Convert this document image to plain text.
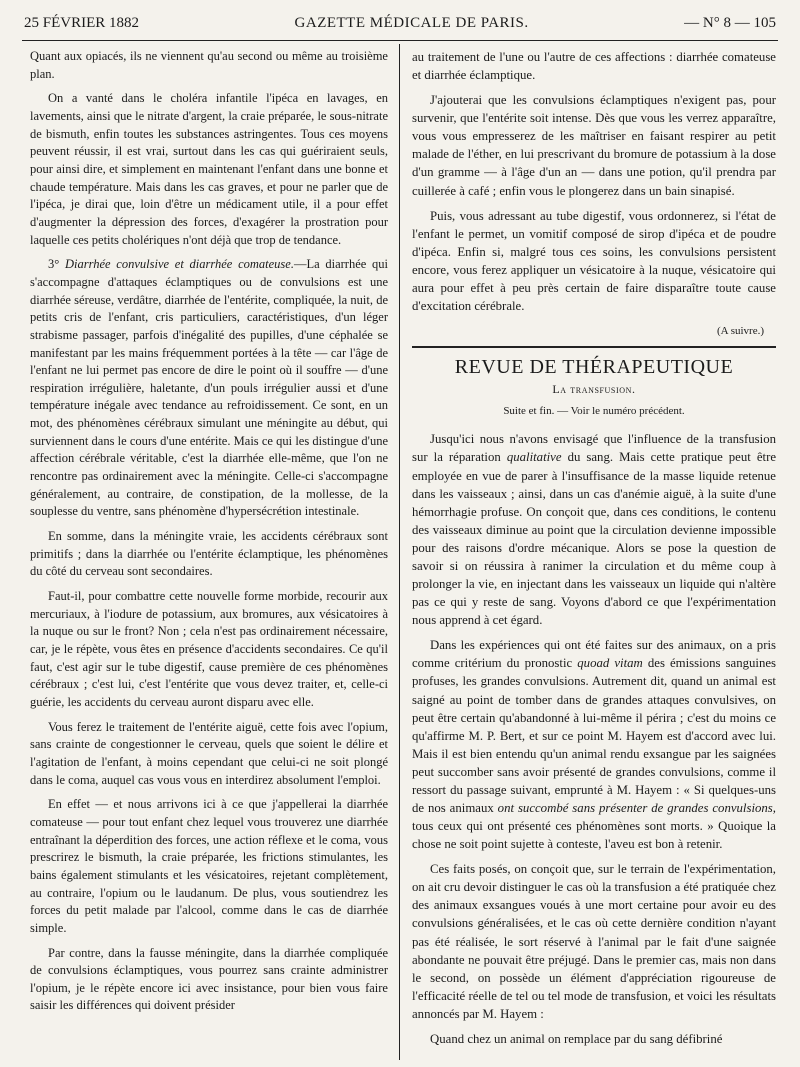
25 FÉVRIER 1882	GAZETTE MÉDICALE DE PARIS.	— N° 8 — 105

Quant aux opiacés, ils ne viennent qu'au second ou même au troisième plan.

On a vanté dans le choléra infantile l'ipéca en lavages, en lavements, ainsi que le nitrate d'argent, la craie préparée, le sous-nitrate de bismuth, enfin toutes les substances astringentes. Tous ces moyens peuvent réussir, il est vrai, surtout dans les cas qui guériraient seuls, pour ainsi dire, et simplement en maintenant l'enfant dans une bonne et chaude température. Mais dans les cas graves, et pour ne parler que de l'ipéca, je dirai que, loin d'être un médicament utile, il a pour effet d'augmenter la dépression des forces, d'exagérer la prostration pour laquelle ces petits cholériques n'ont déjà que trop de tendance.

3° Diarrhée convulsive et diarrhée comateuse.—La diarrhée qui s'accompagne d'attaques éclamptiques ou de convulsions est une diarrhée séreuse, verdâtre, diarrhée de l'entérite, compliquée, la nuit, de petits cris de l'enfant, cris particuliers, caractéristiques, d'un léger strabisme passager, parfois d'inégalité des pupilles, d'une céphalée se manifestant par les mains fréquemment portées à la tête — car l'âge de l'enfant ne lui permet pas encore de dire le point où il souffre — d'une respiration irrégulière, haletante, d'un pouls irrégulier aussi et d'une température inégale avec tendance au refroidissement. Ce sont, en un mot, des phénomènes cérébraux simulant une méningite au début, qui surviennent dans le cours d'une entérite. Mais ce qui les distingue d'une affection cérébrale véritable, c'est la diarrhée elle-même, que l'on ne rencontre pas ordinairement avec la méningite. Celle-ci s'accompagne généralement, au contraire, de constipation, de la mollesse, de la souplesse du ventre, sans phénomène d'hypersécrétion intestinale.

En somme, dans la méningite vraie, les accidents cérébraux sont primitifs ; dans la diarrhée ou l'entérite éclamptique, les phénomènes du côté du cerveau sont secondaires.

Faut-il, pour combattre cette nouvelle forme morbide, recourir aux mercuriaux, à l'iodure de potassium, aux bromures, aux vésicatoires à la nuque ou sur le front? Non ; cela n'est pas ordinairement nécessaire, car, je le répète, vous êtes en présence d'accidents secondaires. Ce qu'il faut, c'est agir sur le tube digestif, cause première de ces phénomènes cérébraux ; c'est lui, c'est l'entérite que vous devez traiter, et, celle-ci guérie, les accidents du cerveau auront disparu avec elle.

Vous ferez le traitement de l'entérite aiguë, cette fois avec l'opium, sans crainte de congestionner le cerveau, quels que soient le délire et l'agitation de l'enfant, à moins cependant que celui-ci ne soit plongé dans le coma, auquel cas vous vous en interdirez absolument l'emploi.

En effet — et nous arrivons ici à ce que j'appellerai la diarrhée comateuse — pour tout enfant chez lequel vous trouverez une diarrhée entraînant la déperdition des forces, une action réflexe et le coma, vous prescrirez le bismuth, la craie préparée, les frictions stimulantes, les bains également stimulants et les vésicatoires, rejetant complètement, au contraire, l'opium ou le laudanum. De plus, vous soutiendrez les forces du petit malade par l'alcool, comme dans le cas de diarrhée simple.

Par contre, dans la fausse méningite, dans la diarrhée compliquée de convulsions éclamptiques, vous pourrez sans crainte administrer l'opium, je le répète encore ici avec insistance, pour bien vous faire saisir les différences qui doivent présider

au traitement de l'une ou l'autre de ces affections : diarrhée comateuse et diarrhée éclamptique.

J'ajouterai que les convulsions éclamptiques n'exigent pas, pour survenir, que l'entérite soit intense. Dès que vous les verrez apparaître, vous vous empresserez de les maîtriser en faisant respirer au petit malade de l'éther, en lui prescrivant du bromure de potassium à la dose d'un gramme — à l'âge d'un an — dans une potion, qu'il prendra par cuillerée à café ; enfin vous le plongerez dans un bain sinapisé.

Puis, vous adressant au tube digestif, vous ordonnerez, si l'état de l'enfant le permet, un vomitif composé de sirop d'ipéca et de poudre d'ipéca. Enfin si, malgré tous ces soins, les convulsions persistent encore, vous ferez appliquer un vésicatoire à la nuque, vésicatoire qui aura pour effet à peu près certain de faire disparaître toute cause d'excitation cérébrale.

(A suivre.)
REVUE DE THÉRAPEUTIQUE
La transfusion.
Suite et fin. — Voir le numéro précédent.

Jusqu'ici nous n'avons envisagé que l'influence de la transfusion sur la réparation qualitative du sang. Mais cette pratique peut être employée en vue de parer à l'insuffisance de la masse liquide retenue dans les vaisseaux ; ainsi, dans un cas d'anémie aiguë, à la suite d'une hémorrhagie profuse. On conçoit que, dans ces conditions, le contenu des vaisseaux diminue au point que la circulation devienne impossible pour des raisons d'ordre mécanique. Alors se pose la question de savoir si on réussira à ranimer la circulation et du même coup à prolonger la vie, en injectant dans les vaisseaux un liquide qui n'altère pas ce qui y reste de sang. Voyons d'abord ce que l'expérimentation nous apprend à cet égard.

Dans les expériences qui ont été faites sur des animaux, on a pris comme critérium du pronostic quoad vitam des émissions sanguines profuses, les grandes convulsions. Autrement dit, quand un animal est saigné au point de tomber dans de grandes attaques convulsives, on peut être certain qu'abandonné à lui-même il périra ; c'est du moins ce qu'affirme M. P. Bert, et sur ce point M. Hayem est d'accord avec lui. Mais il est bien entendu qu'un animal rendu exsangue par les saignées peut succomber sans avoir présenté de grandes convulsions, comme il ressort du passage suivant, emprunté à M. Hayem : « Si quelques-uns de nos animaux ont succombé sans présenter de grandes convulsions, tous ceux qui ont présenté ces phénomènes sont morts. » Quoique la chose ne soit point sujette à conteste, l'aveu est bon à retenir.

Ces faits posés, on conçoit que, sur le terrain de l'expérimentation, on ait cru devoir distinguer le cas où la transfusion a été pratiquée chez des animaux exsangues voués à une mort certaine pour avoir eu des convulsions généralisées, et le cas où cette dernière condition n'ayant pas été réalisée, le sort réservé à l'animal par le fait d'une saignée abondante ne pouvait être préjugé. Dans le premier cas, mais non dans le second, on possède un élément d'appréciation rigoureuse de l'efficacité réelle de tel ou tel mode de transfusion, et voici les résultats annoncés par M. Hayem :

Quand chez un animal on remplace par du sang défibriné
